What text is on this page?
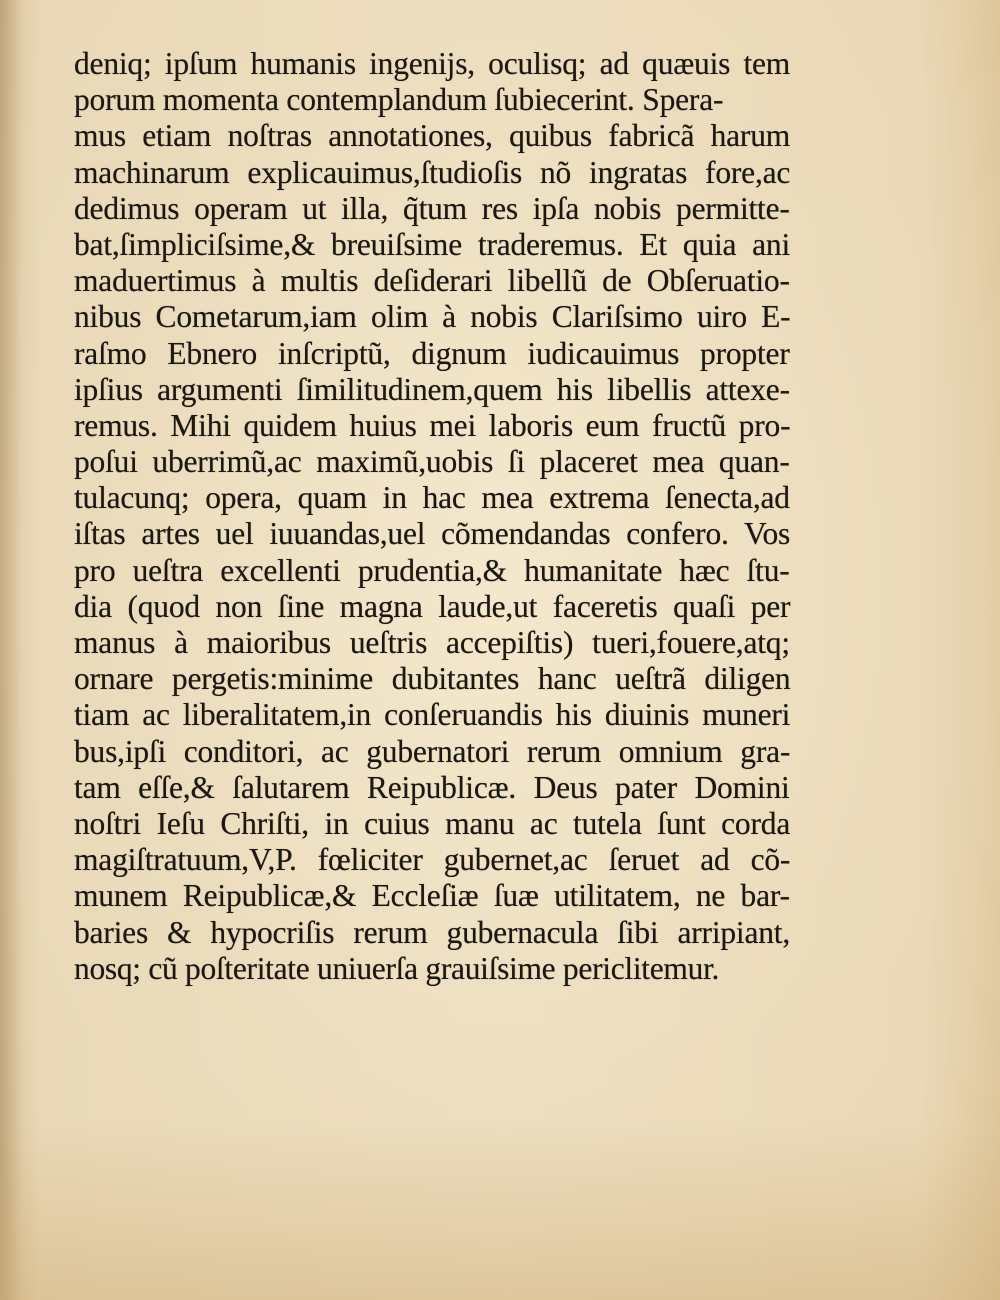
deniq; ipſum humanis ingenijs, oculisq; ad quæuis tem
porum momenta contemplandum ſubiecerint. Spera-
mus etiam noſtras annotationes, quibus fabricã harum
machinarum explicauimus,ſtudioſis nõ ingratas fore,ac
dedimus operam ut illa, q̃tum res ipſa nobis permitte-
bat,ſimpliciſsime,& breuiſsime traderemus. Et quia ani
maduertimus à multis deſiderari libellũ de Obſeruatio-
nibus Cometarum,iam olim à nobis Clariſsimo uiro E-
raſmo Ebnero inſcriptũ, dignum iudicauimus propter
ipſius argumenti ſimilitudinem,quem his libellis attexe-
remus. Mihi quidem huius mei laboris eum fructũ pro-
poſui uberrimũ,ac maximũ,uobis ſi placeret mea quan-
tulacunq; opera, quam in hac mea extrema ſenecta,ad
iſtas artes uel iuuandas,uel cõmendandas confero. Vos
pro ueſtra excellenti prudentia,& humanitate hæc ſtu-
dia (quod non ſine magna laude,ut faceretis quaſi per
manus à maioribus ueſtris accepiſtis) tueri,fouere,atq;
ornare pergetis:minime dubitantes hanc ueſtrã diligen
tiam ac liberalitatem,in conſeruandis his diuinis muneri
bus,ipſi conditori, ac gubernatori rerum omnium gra-
tam eſſe,& ſalutarem Reipublicæ. Deus pater Domini
noſtri Ieſu Chriſti, in cuius manu ac tutela ſunt corda
magiſtratuum,V,P. fœliciter gubernet,ac ſeruet ad cõ-
munem Reipublicæ,& Eccleſiæ ſuæ utilitatem, ne bar-
baries & hypocriſis rerum gubernacula ſibi arripiant,
nosq; cũ poſteritate uniuerſa grauiſsime periclitemur.
